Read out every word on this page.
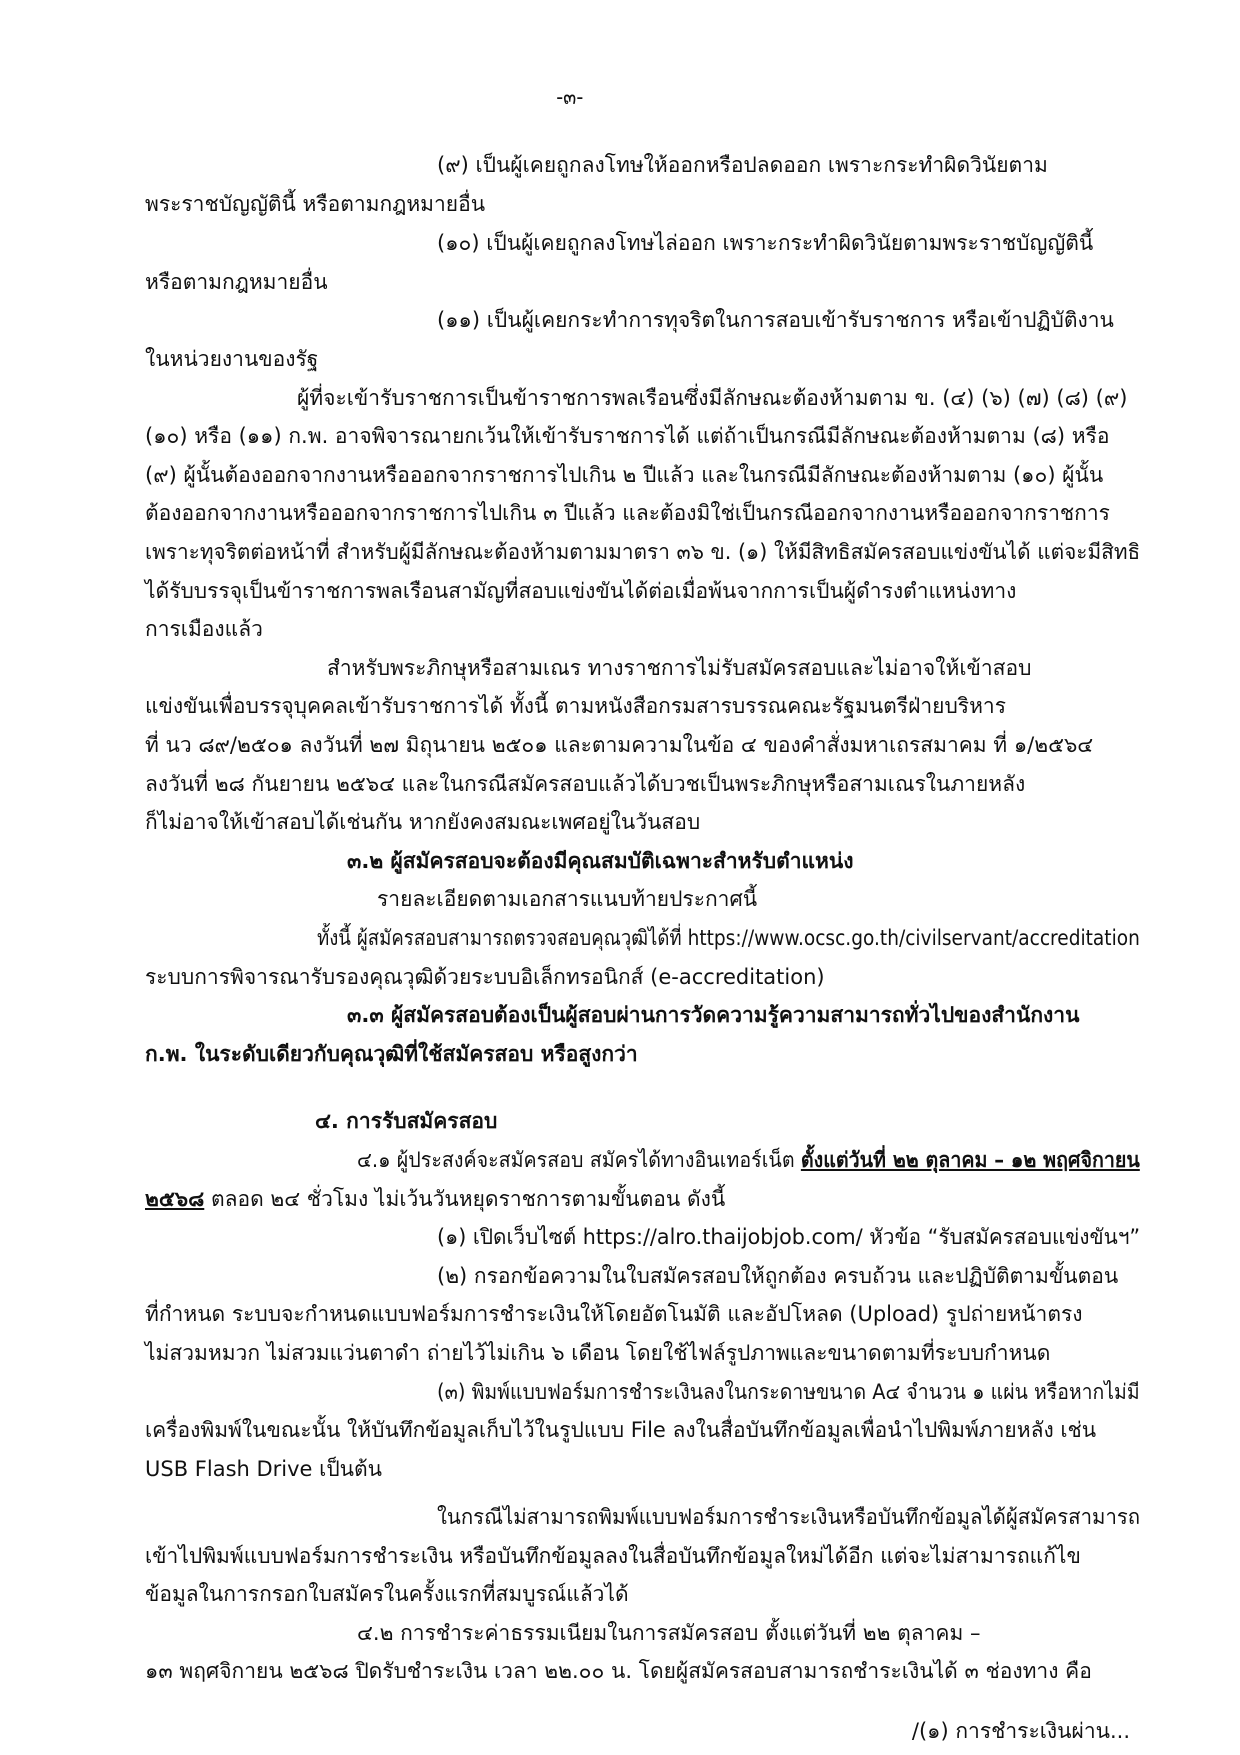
-๓-
(๙) เป็นผู้เคยถูกลงโทษให้ออกหรือปลดออก เพราะกระทำผิดวินัยตาม
พระราชบัญญัตินี้ หรือตามกฎหมายอื่น
(๑๐) เป็นผู้เคยถูกลงโทษไล่ออก เพราะกระทำผิดวินัยตามพระราชบัญญัตินี้
หรือตามกฎหมายอื่น
(๑๑) เป็นผู้เคยกระทำการทุจริตในการสอบเข้ารับราชการ หรือเข้าปฏิบัติงาน
ในหน่วยงานของรัฐ
ผู้ที่จะเข้ารับราชการเป็นข้าราชการพลเรือนซึ่งมีลักษณะต้องห้ามตาม ข. (๔) (๖) (๗) (๘) (๙)
(๑๐) หรือ (๑๑) ก.พ. อาจพิจารณายกเว้นให้เข้ารับราชการได้ แต่ถ้าเป็นกรณีมีลักษณะต้องห้ามตาม (๘) หรือ
(๙) ผู้นั้นต้องออกจากงานหรือออกจากราชการไปเกิน ๒ ปีแล้ว และในกรณีมีลักษณะต้องห้ามตาม (๑๐) ผู้นั้น
ต้องออกจากงานหรือออกจากราชการไปเกิน ๓ ปีแล้ว และต้องมิใช่เป็นกรณีออกจากงานหรือออกจากราชการ
เพราะทุจริตต่อหน้าที่ สำหรับผู้มีลักษณะต้องห้ามตามมาตรา ๓๖ ข. (๑) ให้มีสิทธิสมัครสอบแข่งขันได้ แต่จะมีสิทธิ
ได้รับบรรจุเป็นข้าราชการพลเรือนสามัญที่สอบแข่งขันได้ต่อเมื่อพ้นจากการเป็นผู้ดำรงตำแหน่งทาง
การเมืองแล้ว
สำหรับพระภิกษุหรือสามเณร ทางราชการไม่รับสมัครสอบและไม่อาจให้เข้าสอบ
แข่งขันเพื่อบรรจุบุคคลเข้ารับราชการได้ ทั้งนี้ ตามหนังสือกรมสารบรรณคณะรัฐมนตรีฝ่ายบริหาร
ที่ นว ๘๙/๒๕๐๑ ลงวันที่ ๒๗ มิถุนายน ๒๕๐๑ และตามความในข้อ ๔ ของคำสั่งมหาเถรสมาคม ที่ ๑/๒๕๖๔
ลงวันที่ ๒๘ กันยายน ๒๕๖๔ และในกรณีสมัครสอบแล้วได้บวชเป็นพระภิกษุหรือสามเณรในภายหลัง
ก็ไม่อาจให้เข้าสอบได้เช่นกัน หากยังคงสมณะเพศอยู่ในวันสอบ
๓.๒ ผู้สมัครสอบจะต้องมีคุณสมบัติเฉพาะสำหรับตำแหน่ง
รายละเอียดตามเอกสารแนบท้ายประกาศนี้
ทั้งนี้ ผู้สมัครสอบสามารถตรวจสอบคุณวุฒิได้ที่ https://www.ocsc.go.th/civilservant/accreditation
ระบบการพิจารณารับรองคุณวุฒิด้วยระบบอิเล็กทรอนิกส์ (e-accreditation)
๓.๓ ผู้สมัครสอบต้องเป็นผู้สอบผ่านการวัดความรู้ความสามารถทั่วไปของสำนักงาน
ก.พ. ในระดับเดียวกับคุณวุฒิที่ใช้สมัครสอบ หรือสูงกว่า
๔. การรับสมัครสอบ
๔.๑ ผู้ประสงค์จะสมัครสอบ สมัครได้ทางอินเทอร์เน็ต ตั้งแต่วันที่ ๒๒ ตุลาคม – ๑๒ พฤศจิกายน
๒๕๖๘ ตลอด ๒๔ ชั่วโมง ไม่เว้นวันหยุดราชการตามขั้นตอน ดังนี้
(๑) เปิดเว็บไซต์ https://alro.thaijobjob.com/ หัวข้อ “รับสมัครสอบแข่งขันฯ”
(๒) กรอกข้อความในใบสมัครสอบให้ถูกต้อง ครบถ้วน และปฏิบัติตามขั้นตอน
ที่กำหนด ระบบจะกำหนดแบบฟอร์มการชำระเงินให้โดยอัตโนมัติ และอัปโหลด (Upload) รูปถ่ายหน้าตรง
ไม่สวมหมวก ไม่สวมแว่นตาดำ ถ่ายไว้ไม่เกิน ๖ เดือน โดยใช้ไฟล์รูปภาพและขนาดตามที่ระบบกำหนด
(๓) พิมพ์แบบฟอร์มการชำระเงินลงในกระดาษขนาด A๔ จำนวน ๑ แผ่น หรือหากไม่มี
เครื่องพิมพ์ในขณะนั้น ให้บันทึกข้อมูลเก็บไว้ในรูปแบบ File ลงในสื่อบันทึกข้อมูลเพื่อนำไปพิมพ์ภายหลัง เช่น
USB Flash Drive เป็นต้น
ในกรณีไม่สามารถพิมพ์แบบฟอร์มการชำระเงินหรือบันทึกข้อมูลได้ผู้สมัครสามารถ
เข้าไปพิมพ์แบบฟอร์มการชำระเงิน หรือบันทึกข้อมูลลงในสื่อบันทึกข้อมูลใหม่ได้อีก แต่จะไม่สามารถแก้ไข
ข้อมูลในการกรอกใบสมัครในครั้งแรกที่สมบูรณ์แล้วได้
๔.๒ การชำระค่าธรรมเนียมในการสมัครสอบ ตั้งแต่วันที่ ๒๒ ตุลาคม –
๑๓ พฤศจิกายน ๒๕๖๘ ปิดรับชำระเงิน เวลา ๒๒.๐๐ น. โดยผู้สมัครสอบสามารถชำระเงินได้ ๓ ช่องทาง คือ
/(๑) การชำระเงินผ่าน...
